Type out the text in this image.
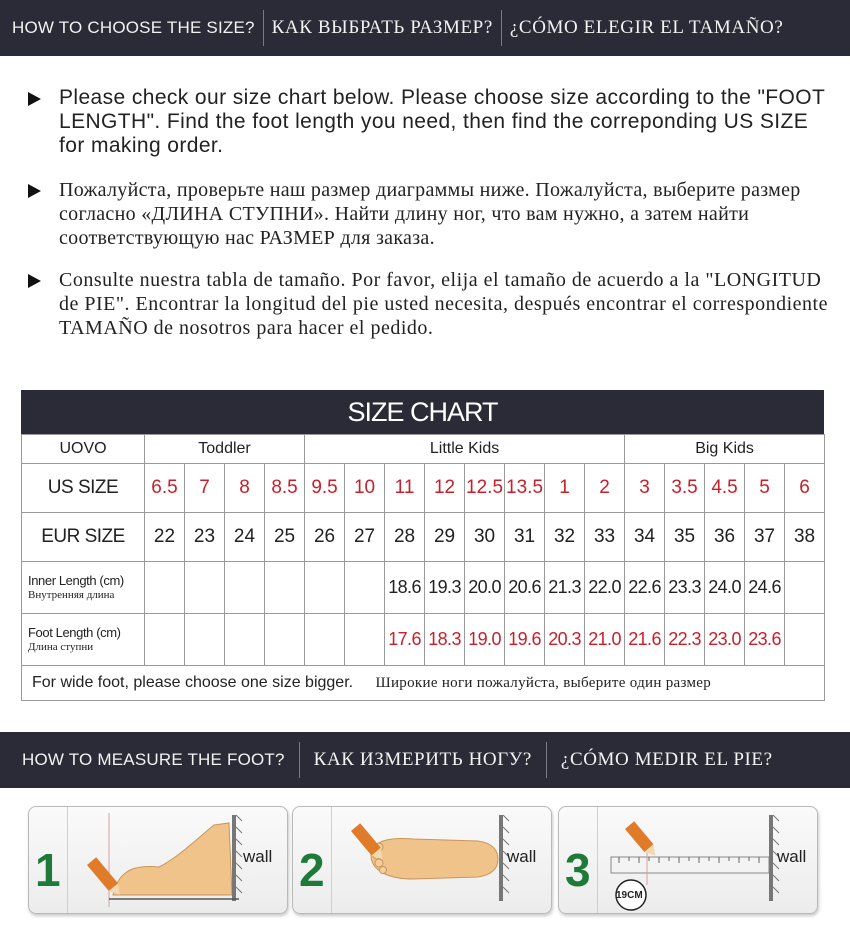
HOW TO CHOOSE THE SIZE? КАК ВЫБРАТЬ РАЗМЕР? ¿CÓMO ELEGIR EL TAMAÑO?
Please check our size chart below. Please choose size according to the "FOOT LENGTH". Find the foot length you need, then find the correponding US SIZE for making order.
Пожалуйста, проверьте наш размер диаграммы ниже. Пожалуйста, выберите размер согласно «ДЛИНА СТУПНИ». Найти длину ног, что вам нужно, а затем найти соответствующую нас РАЗМЕР для заказа.
Consulte nuestra tabla de tamaño. Por favor, elija el tamaño de acuerdo a la "LONGITUD de PIE". Encontrar la longitud del pie usted necesita, después encontrar el correspondiente TAMAÑO de nosotros para hacer el pedido.
SIZE CHART
UOVO	Toddler				Little Kids								Big Kids				
US SIZE	6.5	7	8	8.5	9.5	10	11	12	12.5	13.5	1	2	3	3.5	4.5	5	6
EUR SIZE	22	23	24	25	26	27	28	29	30	31	32	33	34	35	36	37	38

Inner Length (cm)
Внутренняя длина							18.6	19.3	20.0	20.6	21.3	22.0	22.6	23.3	24.0	24.6	

Foot Length (cm)
Длина ступни							17.6	18.3	19.0	19.6	20.3	21.0	21.6	22.3	23.0	23.6	
For wide foot, please choose one size bigger. Широкие ноги пожалуйста, выберите один размер																	
HOW TO MEASURE THE FOOT? КАК ИЗМЕРИТЬ НОГУ? ¿CÓMO MEDIR EL PIE?
1	wall 2	wall 3	19CM
wall
